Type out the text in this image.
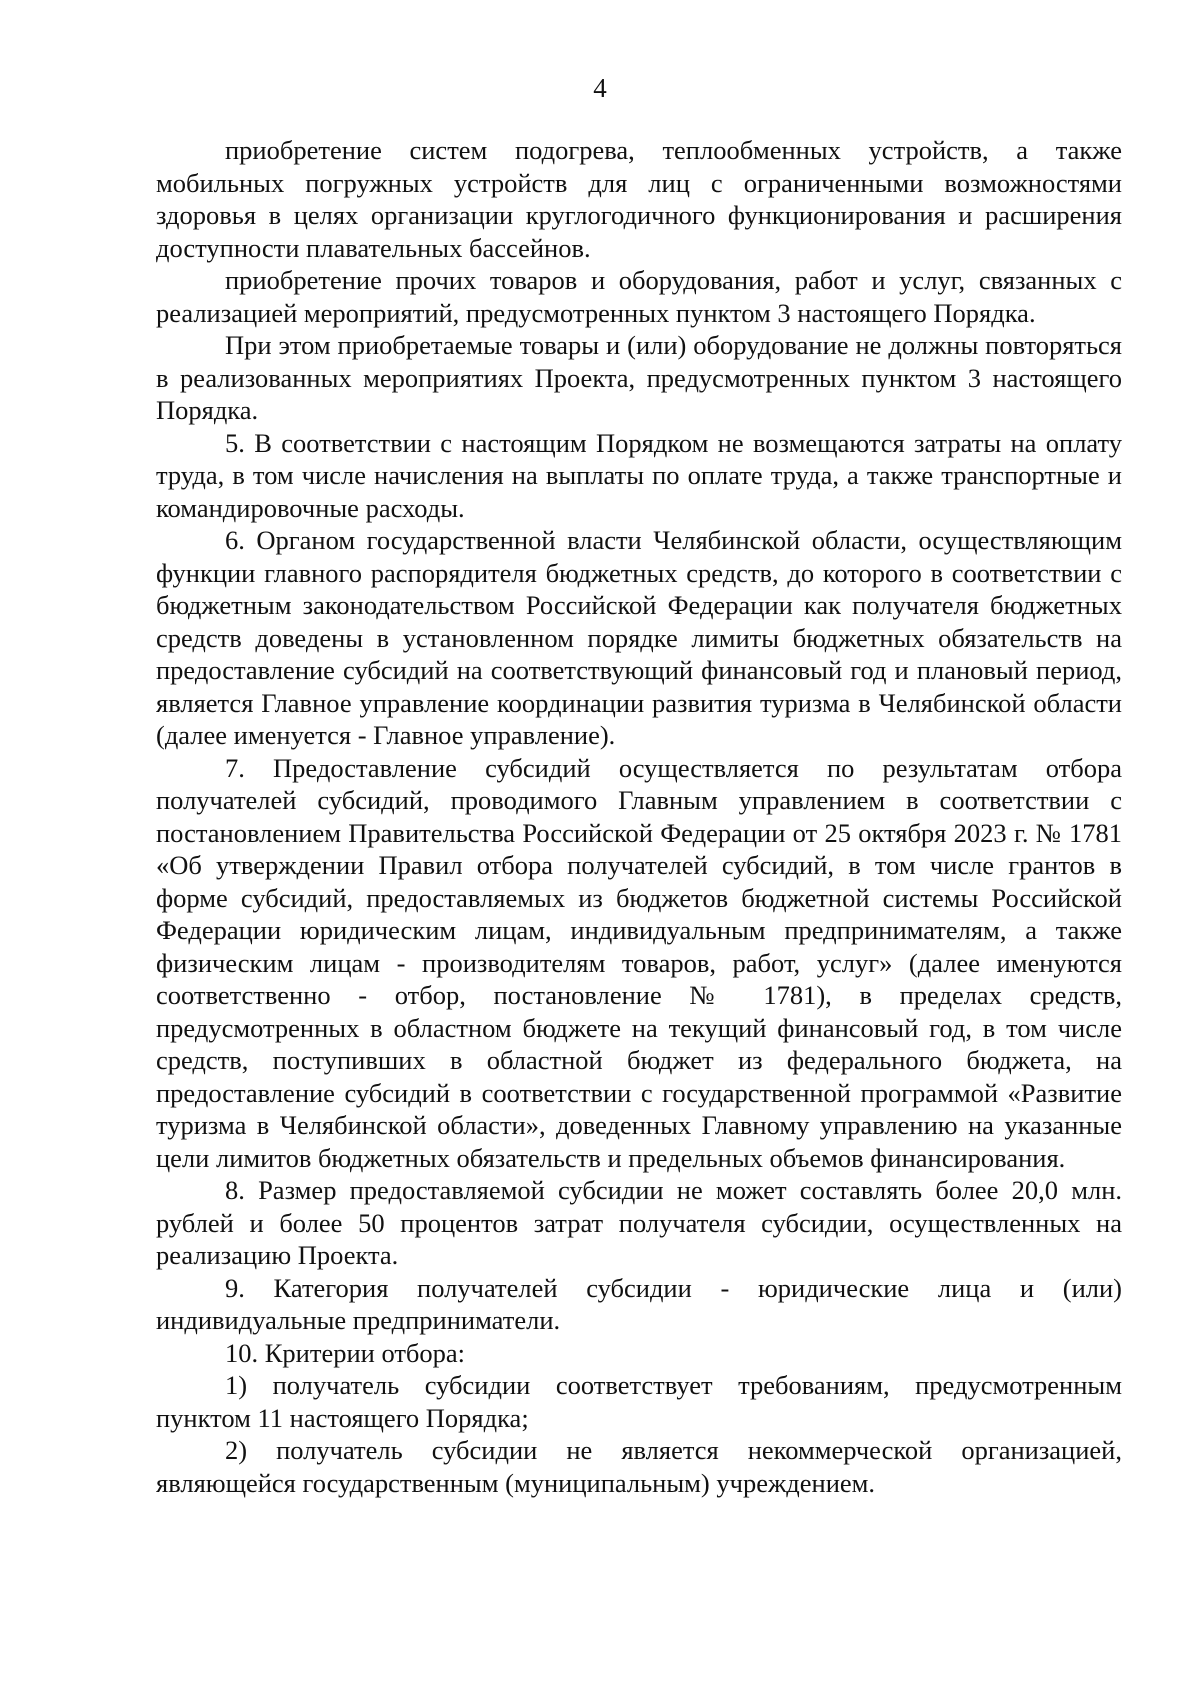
4

приобретение систем подогрева, теплообменных устройств, а также мобильных погружных устройств для лиц с ограниченными возможностями здоровья в целях организации круглогодичного функционирования и расширения доступности плавательных бассейнов.

приобретение прочих товаров и оборудования, работ и услуг, связанных с реализацией мероприятий, предусмотренных пунктом 3 настоящего Порядка.

При этом приобретаемые товары и (или) оборудование не должны повторяться в реализованных мероприятиях Проекта, предусмотренных пунктом 3 настоящего Порядка.

5. В соответствии с настоящим Порядком не возмещаются затраты на оплату труда, в том числе начисления на выплаты по оплате труда, а также транспортные и командировочные расходы.

6. Органом государственной власти Челябинской области, осуществляющим функции главного распорядителя бюджетных средств, до которого в соответствии с бюджетным законодательством Российской Федерации как получателя бюджетных средств доведены в установленном порядке лимиты бюджетных обязательств на предоставление субсидий на соответствующий финансовый год и плановый период, является Главное управление координации развития туризма в Челябинской области (далее именуется - Главное управление).

7. Предоставление субсидий осуществляется по результатам отбора получателей субсидий, проводимого Главным управлением в соответствии с постановлением Правительства Российской Федерации от 25 октября 2023 г. № 1781 «Об утверждении Правил отбора получателей субсидий, в том числе грантов в форме субсидий, предоставляемых из бюджетов бюджетной системы Российской Федерации юридическим лицам, индивидуальным предпринимателям, а также физическим лицам - производителям товаров, работ, услуг» (далее именуются соответственно - отбор, постановление № 1781), в пределах средств, предусмотренных в областном бюджете на текущий финансовый год, в том числе средств, поступивших в областной бюджет из федерального бюджета, на предоставление субсидий в соответствии с государственной программой «Развитие туризма в Челябинской области», доведенных Главному управлению на указанные цели лимитов бюджетных обязательств и предельных объемов финансирования.

8. Размер предоставляемой субсидии не может составлять более 20,0 млн. рублей и более 50 процентов затрат получателя субсидии, осуществленных на реализацию Проекта.

9. Категория получателей субсидии - юридические лица и (или) индивидуальные предприниматели.

10. Критерии отбора:

1) получатель субсидии соответствует требованиям, предусмотренным пунктом 11 настоящего Порядка;

2) получатель субсидии не является некоммерческой организацией, являющейся государственным (муниципальным) учреждением.
